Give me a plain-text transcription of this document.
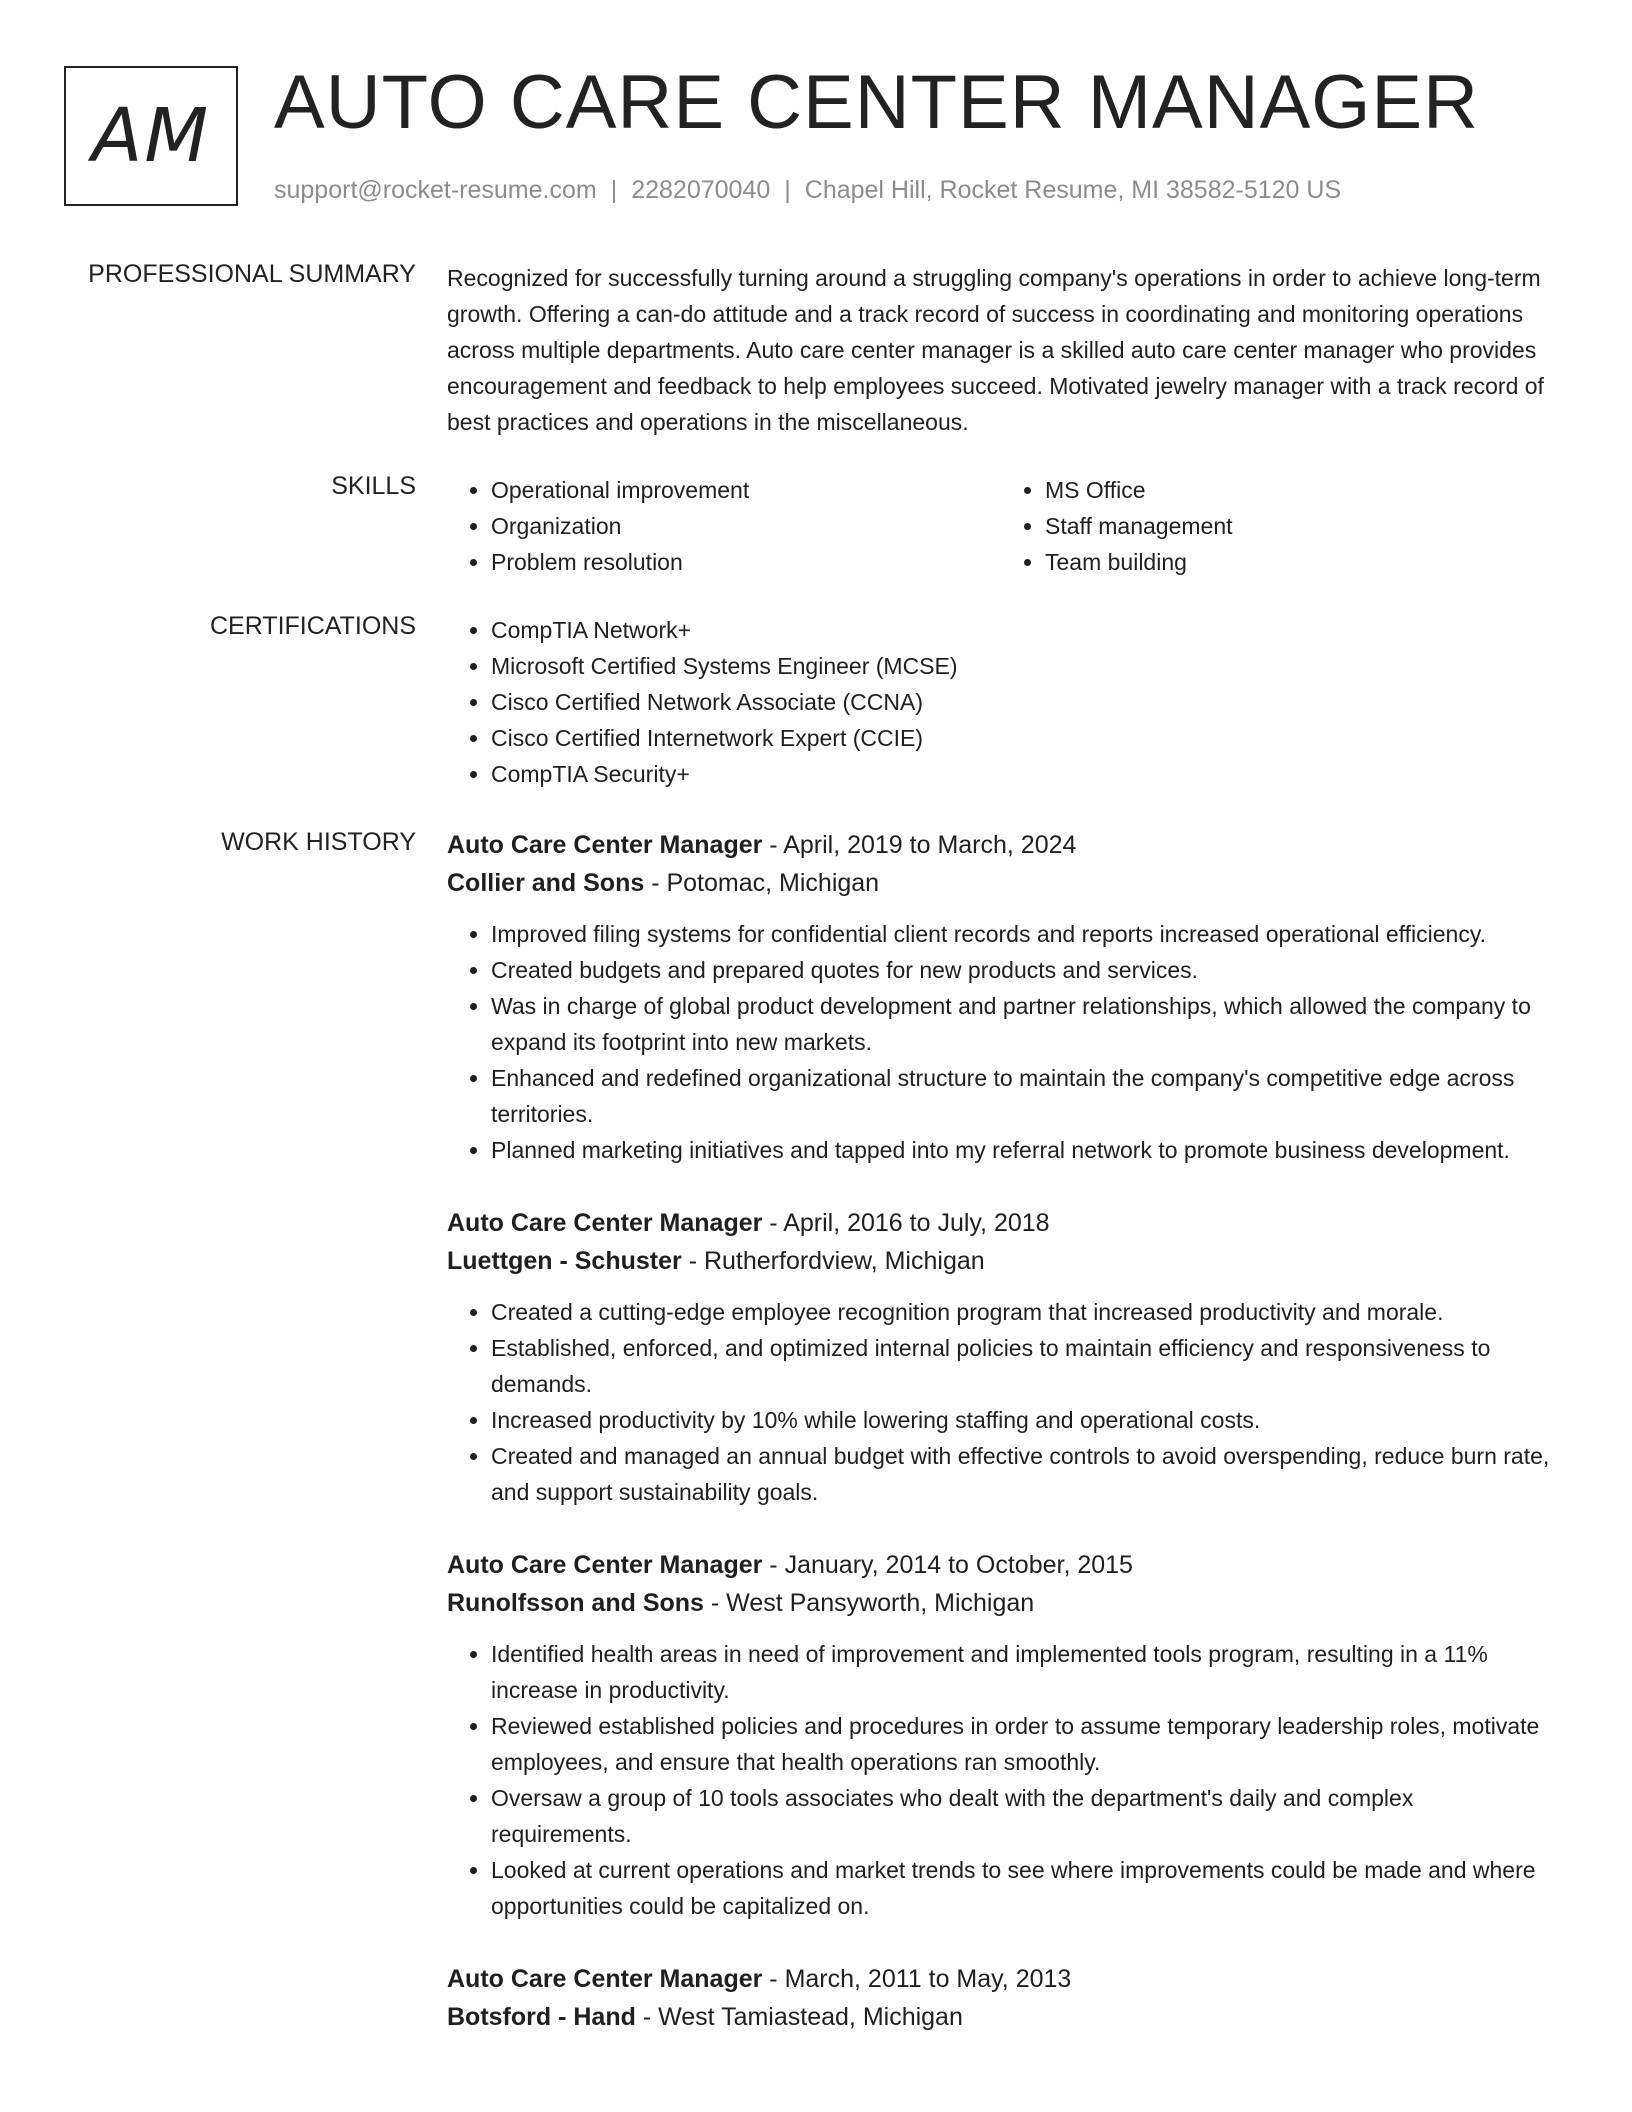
AM AUTO CARE CENTER MANAGER
support@rocket-resume.com | 2282070040 | Chapel Hill, Rocket Resume, MI 38582-5120 US
PROFESSIONAL SUMMARY Recognized for successfully turning around a struggling company's operations in order to achieve long-term growth. Offering a can-do attitude and a track record of success in coordinating and monitoring operations across multiple departments. Auto care center manager is a skilled auto care center manager who provides encouragement and feedback to help employees succeed. Motivated jewelry manager with a track record of best practices and operations in the miscellaneous.

SKILLS	• Operational improvement
• Organization
• Problem resolution
• MS Office
• Staff management
• Team building
CERTIFICATIONS	• CompTIA Network+
• Microsoft Certified Systems Engineer (MCSE)
• Cisco Certified Network Associate (CCNA)
• Cisco Certified Internetwork Expert (CCIE)
• CompTIA Security+
WORK HISTORY Auto Care Center Manager - April, 2019 to March, 2024
Collier and Sons - Potomac, Michigan
• Improved filing systems for confidential client records and reports increased operational efficiency.
• Created budgets and prepared quotes for new products and services.
• Was in charge of global product development and partner relationships, which allowed the company to expand its footprint into new markets.
• Enhanced and redefined organizational structure to maintain the company's competitive edge across territories.
• Planned marketing initiatives and tapped into my referral network to promote business development.
Auto Care Center Manager - April, 2016 to July, 2018
Luettgen - Schuster - Rutherfordview, Michigan
• Created a cutting-edge employee recognition program that increased productivity and morale.
• Established, enforced, and optimized internal policies to maintain efficiency and responsiveness to demands.
• Increased productivity by 10% while lowering staffing and operational costs.
• Created and managed an annual budget with effective controls to avoid overspending, reduce burn rate, and support sustainability goals.
Auto Care Center Manager - January, 2014 to October, 2015
Runolfsson and Sons - West Pansyworth, Michigan
• Identified health areas in need of improvement and implemented tools program, resulting in a 11% increase in productivity.
• Reviewed established policies and procedures in order to assume temporary leadership roles, motivate employees, and ensure that health operations ran smoothly.
• Oversaw a group of 10 tools associates who dealt with the department's daily and complex requirements.
• Looked at current operations and market trends to see where improvements could be made and where opportunities could be capitalized on.
Auto Care Center Manager - March, 2011 to May, 2013
Botsford - Hand - West Tamiastead, Michigan
